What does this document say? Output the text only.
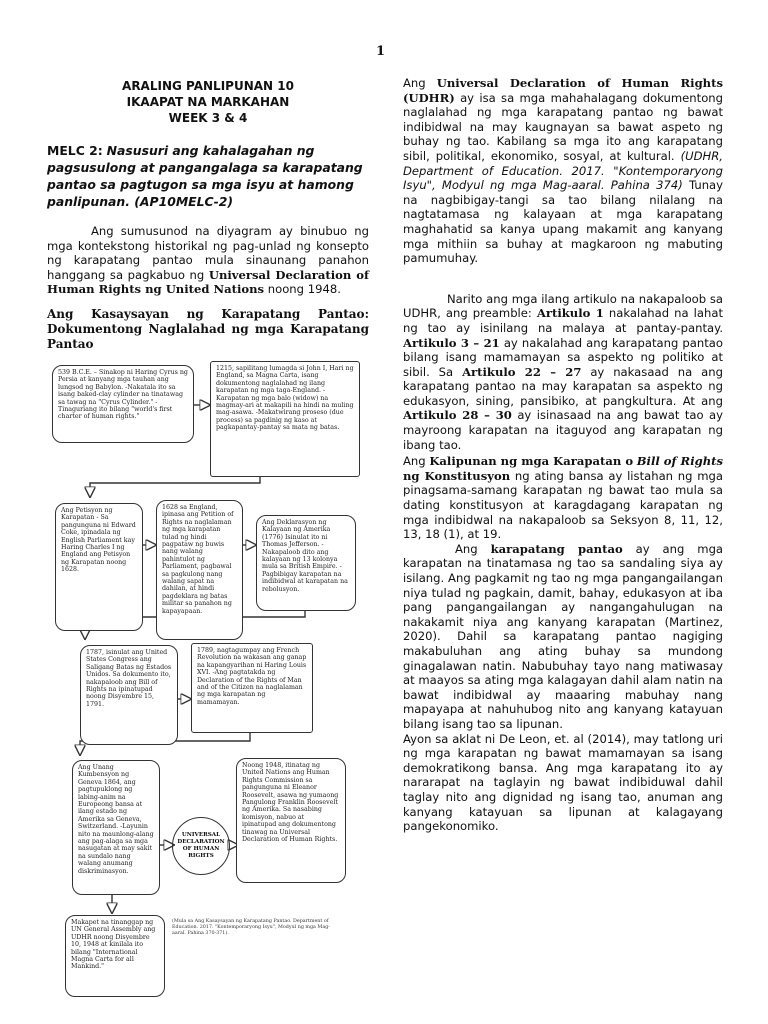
1
ARALING PANLIPUNAN 10
IKAAPAT NA MARKAHAN
WEEK 3 & 4
MELC 2: Nasusuri ang kahalagahan ng pagsusulong at pangangalaga sa karapatang pantao sa pagtugon sa mga isyu at hamong panlipunan. (AP10MELC-2)
Ang sumusunod na diyagram ay binubuo ng mga kontekstong historikal ng pag-unlad ng konsepto ng karapatang pantao mula sinaunang panahon hanggang sa pagkabuo ng Universal Declaration of Human Rights ng United Nations noong 1948.
Ang Kasaysayan ng Karapatang Pantao: Dokumentong Naglalahad ng mga Karapatang Pantao
539 B.C.E. – Sinakop ni Haring Cyrus ng Persia at kanyang mga tauhan ang lungsod ng Babylon. -Nakatala ito sa isang baked-clay cylinder na tinatawag sa tawag na "Cyrus Cylinder." -Tinaguriang ito bilang "world's first charter of human rights."
1215, sapilitang lumagda si John I, Hari ng England, sa Magna Carta, isang dokumentong naglalahad ng ilang karapatan ng mga taga-England. -Karapatan ng mga balo (widow) na magmay-ari at makapili na hindi na muling mag-asawa. -Makatwirang proseso (due process) sa pagdinig ng kaso at pagkapantay-pantay sa mata ng batas.
Ang Petisyon ng Karapatan - Sa pangunguna ni Edward Coke, ipinadala ng English Parliament kay Haring Charles I ng England ang Petisyon ng Karapatan noong 1628.
1628 sa England, ipinasa ang Petition of Rights na naglalaman ng mga karapatan tulad ng hindi pagpataw ng buwis nang walang pahintulot ng Parliament, pagbawal sa pagkulong nang walang sapat na dahilan, at hindi pagdeklara ng batas militar sa panahon ng kapayapaan.
Ang Deklarasyon ng Kalayaan ng Amerika (1776) Isinulat ito ni Thomas Jefferson. -Nakapaloob dito ang kalayaan ng 13 kolonya mula sa British Empire. -Pagbibigay karapatan na indibidwal at karapatan na rebolusyon.
1787, isinulat ang United States Congress ang Saligang Batas ng Estados Unidos. Sa dokumento ito, nakapaloob ang Bill of Rights na ipinatupad noong Disyembre 15, 1791.
1789, nagtagumpay ang French Revolution na wakasan ang ganap na kapangyarihan ni Haring Louis XVI. -Ang pagtatakda ng Declaration of the Rights of Man and of the Citizen na naglalaman ng mga karapatan ng mamamayan.
Ang Unang Kumbensyon ng Geneva 1864, ang pagtupuklong ng labing-anim na Europeong bansa at ilang estado ng Amerika sa Geneva, Switzerland. -Layunin nito na maunlong-alang ang pag-alaga sa mga nasugatan at may sakit na sundalo nang walang anumang diskriminasyon.
UNIVERSAL DECLARATION OF HUMAN RIGHTS
Noong 1948, itinatag ng United Nations ang Human Rights Commission sa pangunguna ni Eleanor Roosevelt, asawa ng yumaong Pangulong Franklin Roosevelt ng Amerika. Sa nasabing komisyon, nabuo at ipinatupad ang dokumentong tinawag na Universal Declaration of Human Rights.
Makapet na tinanggap ng UN General Assembly ang UDHR noong Disyembre 10, 1948 at kinilala ito bilang "International Magna Carta for all Mankind."
(Mula sa Ang Kasaysayan ng Karapatang Pantao. Department of Education. 2017. "Kontemporaryong Isyu", Modyul ng mga Mag-aaral. Pahina 370-371).

Ang Universal Declaration of Human Rights (UDHR) ay isa sa mga mahahalagang dokumentong naglalahad ng mga karapatang pantao ng bawat indibidwal na may kaugnayan sa bawat aspeto ng buhay ng tao. Kabilang sa mga ito ang karapatang sibil, politikal, ekonomiko, sosyal, at kultural. (UDHR, Department of Education. 2017. "Kontemporaryong Isyu", Modyul ng mga Mag-aaral. Pahina 374) Tunay na nagbibigay-tangi sa tao bilang nilalang na nagtatamasa ng kalayaan at mga karapatang maghahatid sa kanya upang makamit ang kanyang mga mithiin sa buhay at magkaroon ng mabuting pamumuhay.

Narito ang mga ilang artikulo na nakapaloob sa UDHR, ang preamble: Artikulo 1 nakalahad na lahat ng tao ay isinilang na malaya at pantay-pantay. Artikulo 3 – 21 ay nakalahad ang karapatang pantao bilang isang mamamayan sa aspekto ng politiko at sibil. Sa Artikulo 22 – 27 ay nakasaad na ang karapatang pantao na may karapatan sa aspekto ng edukasyon, sining, pansibiko, at pangkultura. At ang Artikulo 28 – 30 ay isinasaad na ang bawat tao ay mayroong karapatan na itaguyod ang karapatan ng ibang tao.

Ang Kalipunan ng mga Karapatan o Bill of Rights ng Konstitusyon ng ating bansa ay listahan ng mga pinagsama-samang karapatan ng bawat tao mula sa dating konstitusyon at karagdagang karapatan ng mga indibidwal na nakapaloob sa Seksyon 8, 11, 12, 13, 18 (1), at 19.

Ang karapatang pantao ay ang mga karapatan na tinatamasa ng tao sa sandaling siya ay isilang. Ang pagkamit ng tao ng mga pangangailangan niya tulad ng pagkain, damit, bahay, edukasyon at iba pang pangangailangan ay nangangahulugan na nakakamit niya ang kanyang karapatan (Martinez, 2020). Dahil sa karapatang pantao nagiging makabuluhan ang ating buhay sa mundong ginagalawan natin. Nabubuhay tayo nang matiwasay at maayos sa ating mga kalagayan dahil alam natin na bawat indibidwal ay maaaring mabuhay nang mapayapa at nahuhubog nito ang kanyang katayuan bilang isang tao sa lipunan.

Ayon sa aklat ni De Leon, et. al (2014), may tatlong uri ng mga karapatan ng bawat mamamayan sa isang demokratikong bansa. Ang mga karapatang ito ay nararapat na taglayin ng bawat indibiduwal dahil taglay nito ang dignidad ng isang tao, anuman ang kanyang katayuan sa lipunan at kalagayang pangekonomiko.
